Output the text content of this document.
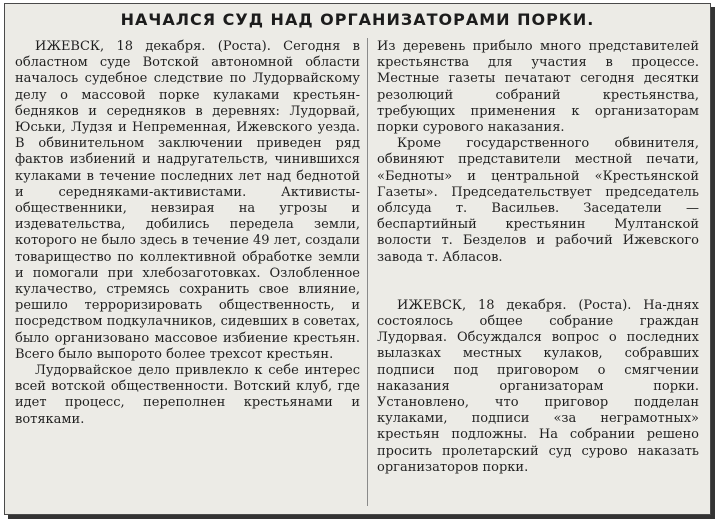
НАЧАЛСЯ СУД НАД ОРГАНИЗАТОРАМИ ПОРКИ.

ИЖЕВСК, 18 декабря. (Роста). Сегодня в областном суде Вотской автономной области началось судебное следствие по Лудорвайскому делу о массовой порке кулаками крестьян-бедняков и середняков в деревнях: Лудорвай, Юськи, Лудзя и Непременная, Ижевского уезда. В обвинительном заключении приведен ряд фактов избиений и надругательств, чинившихся кулаками в течение последних лет над беднотой и середняками-активистами. Активисты-общественники, невзирая на угрозы и издевательства, добились передела земли, которого не было здесь в течение 49 лет, создали товарищество по коллективной обработке земли и помогали при хлебозаготовках. Озлобленное кулачество, стремясь сохранить свое влияние, решило терроризировать общественность, и посредством подкулачников, сидевших в советах, было организовано массовое избиение крестьян. Всего было выпорото более трехсот крестьян.

Лудорвайское дело привлекло к себе интерес всей вотской общественности. Вотский клуб, где идет процесс, переполнен крестьянами и вотяками.

Из деревень прибыло много представителей крестьянства для участия в процессе. Местные газеты печатают сегодня десятки резолюций собраний крестьянства, требующих применения к организаторам порки сурового наказания.

Кроме государственного обвинителя, обвиняют представители местной печати, «Бедноты» и центральной «Крестьянской Газеты». Председательствует председатель облсуда т. Васильев. Заседатели — беспартийный крестьянин Мултанской волости т. Безделов и рабочий Ижевского завода т. Абласов.

ИЖЕВСК, 18 декабря. (Роста). На-днях состоялось общее собрание граждан Лудорвая. Обсуждался вопрос о последних вылазках местных кулаков, собравших подписи под приговором о смягчении наказания организаторам порки. Установлено, что приговор подделан кулаками, подписи «за неграмотных» крестьян подложны. На собрании решено просить пролетарский суд сурово наказать организаторов порки.
